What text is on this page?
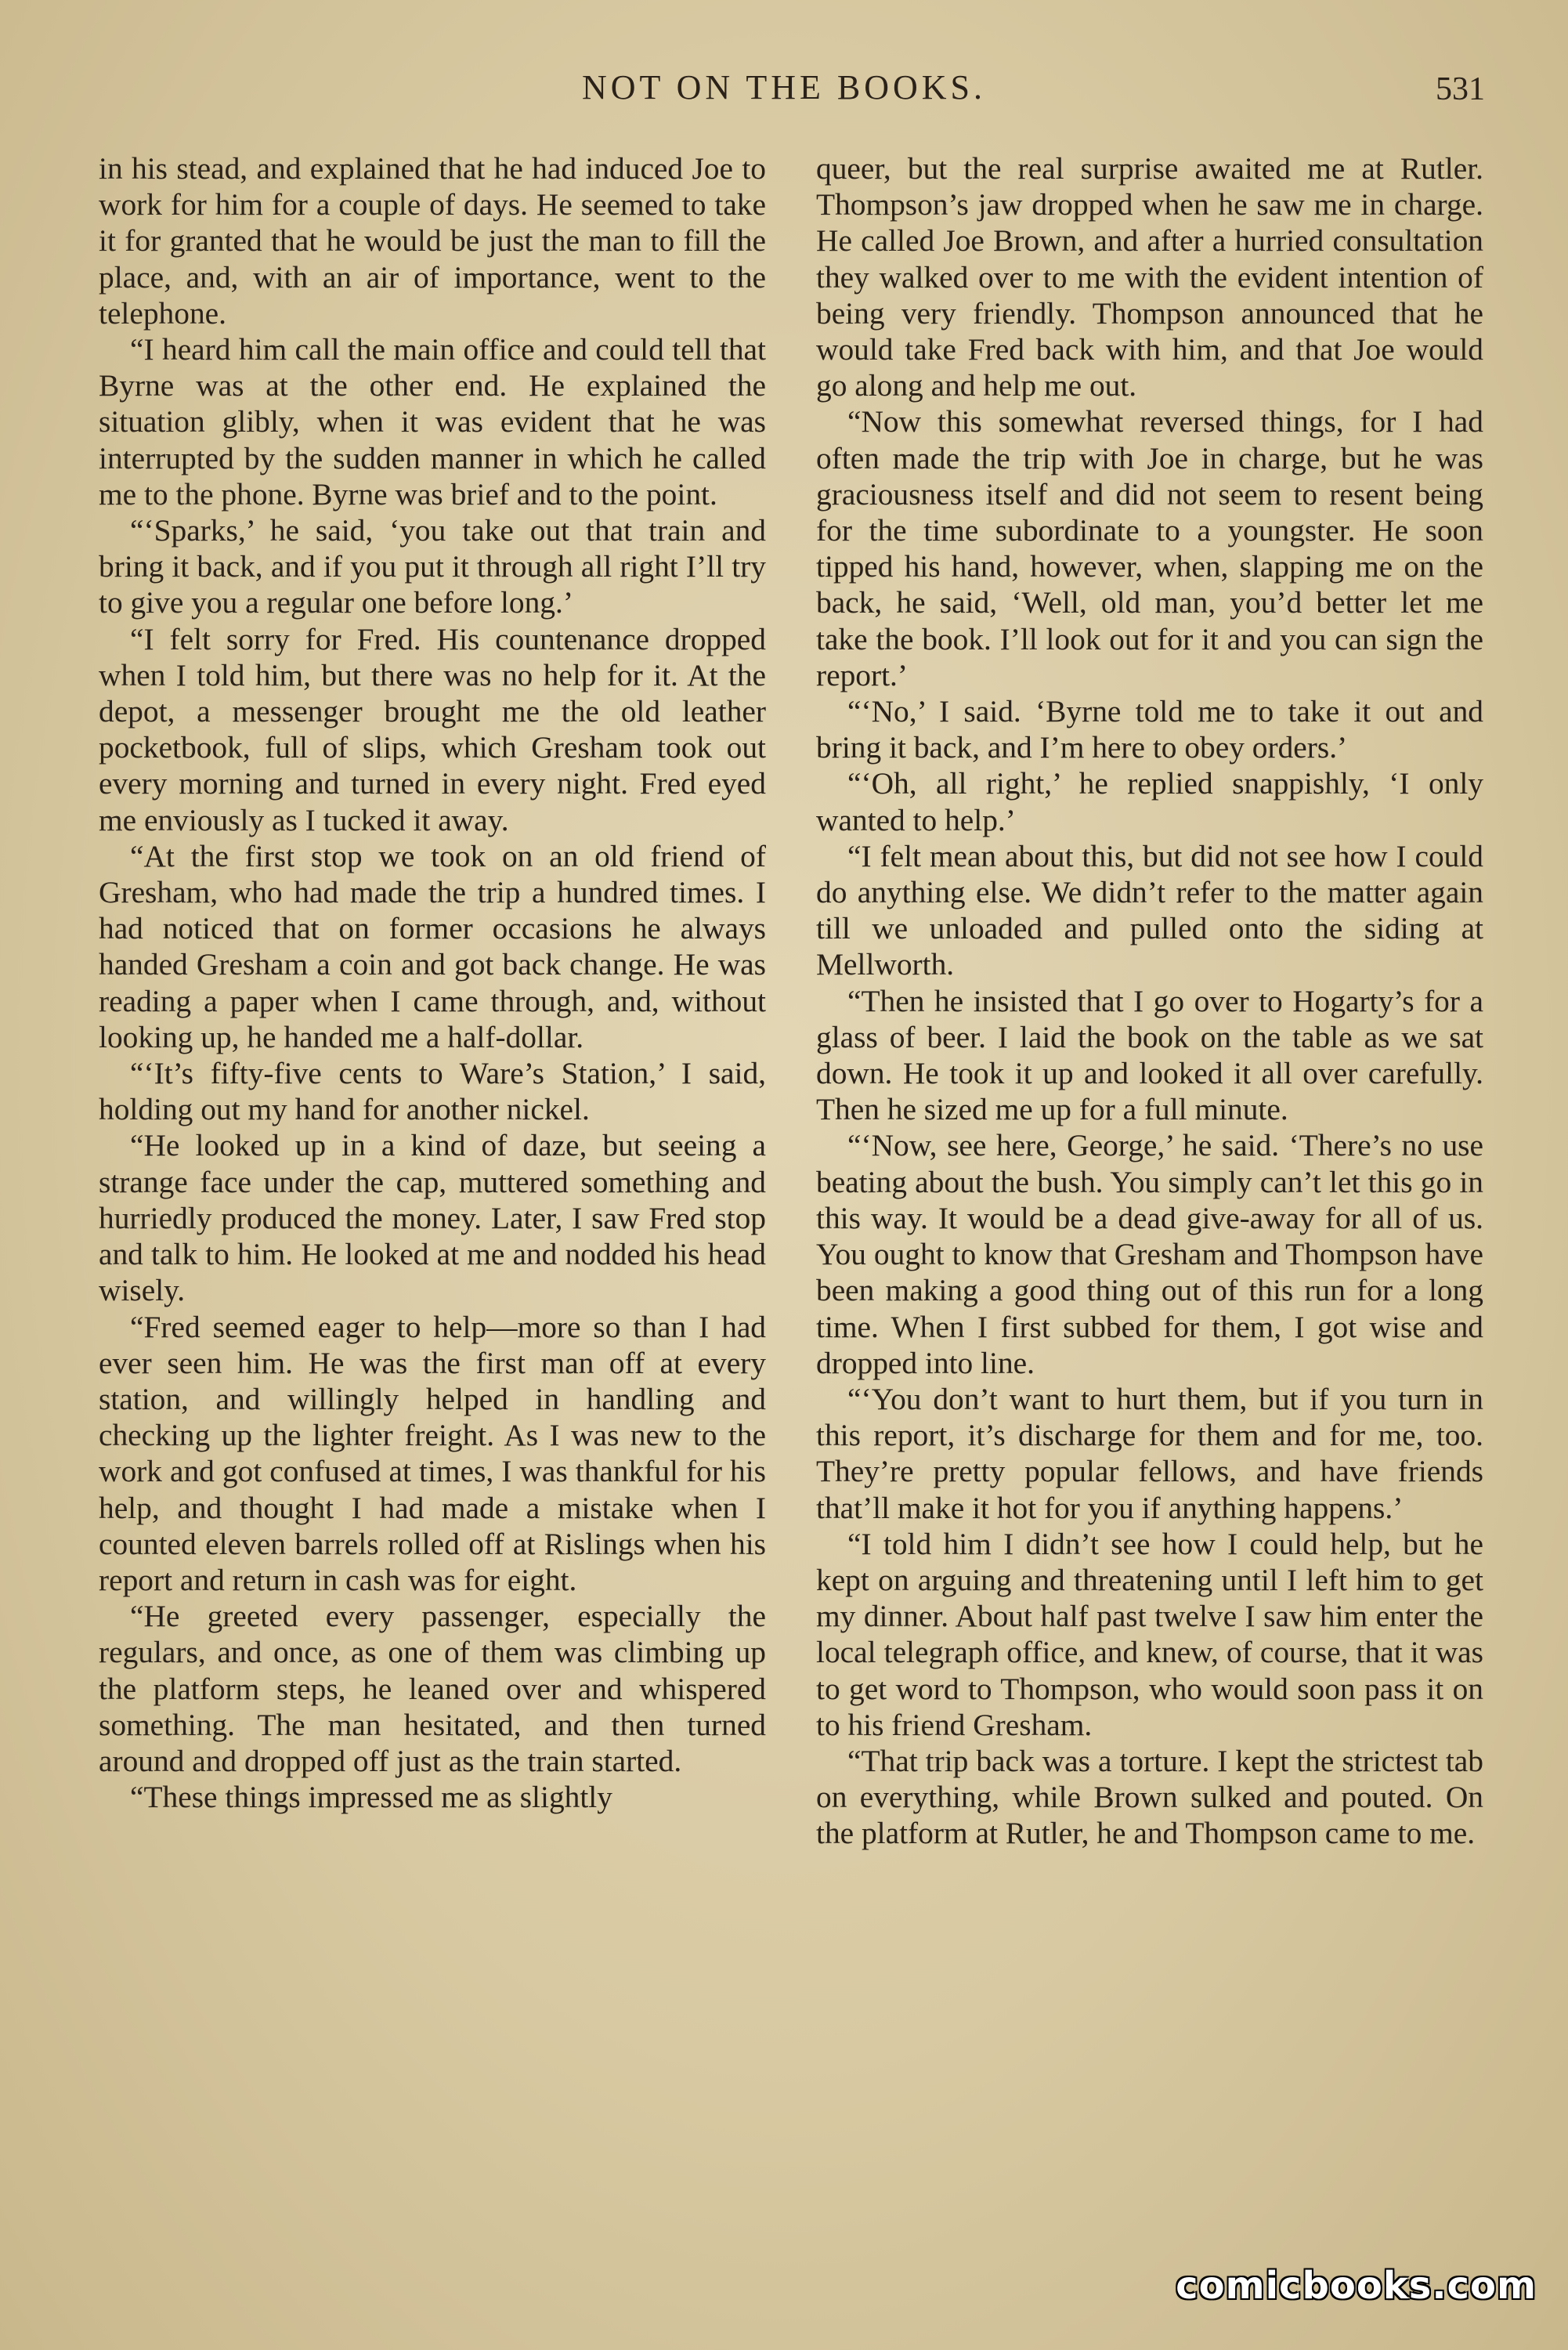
NOT ON THE BOOKS.	531

in his stead, and explained that he had induced Joe to work for him for a couple of days. He seemed to take it for granted that he would be just the man to fill the place, and, with an air of importance, went to the telephone.

“I heard him call the main office and could tell that Byrne was at the other end. He explained the situation glibly, when it was evident that he was interrupted by the sudden manner in which he called me to the phone. Byrne was brief and to the point.

“‘Sparks,’ he said, ‘you take out that train and bring it back, and if you put it through all right I’ll try to give you a regular one before long.’

“I felt sorry for Fred. His countenance dropped when I told him, but there was no help for it. At the depot, a messenger brought me the old leather pocketbook, full of slips, which Gresham took out every morning and turned in every night. Fred eyed me enviously as I tucked it away.

“At the first stop we took on an old friend of Gresham, who had made the trip a hundred times. I had noticed that on former occasions he always handed Gresham a coin and got back change. He was reading a paper when I came through, and, without looking up, he handed me a half-dollar.

“‘It’s fifty-five cents to Ware’s Station,’ I said, holding out my hand for another nickel.

“He looked up in a kind of daze, but seeing a strange face under the cap, muttered something and hurriedly produced the money. Later, I saw Fred stop and talk to him. He looked at me and nodded his head wisely.

“Fred seemed eager to help—more so than I had ever seen him. He was the first man off at every station, and willingly helped in handling and checking up the lighter freight. As I was new to the work and got confused at times, I was thankful for his help, and thought I had made a mistake when I counted eleven barrels rolled off at Rislings when his report and return in cash was for eight.

“He greeted every passenger, especially the regulars, and once, as one of them was climbing up the platform steps, he leaned over and whispered something. The man hesitated, and then turned around and dropped off just as the train started.

“These things impressed me as slightly

queer, but the real surprise awaited me at Rutler. Thompson’s jaw dropped when he saw me in charge. He called Joe Brown, and after a hurried consultation they walked over to me with the evident intention of being very friendly. Thompson announced that he would take Fred back with him, and that Joe would go along and help me out.

“Now this somewhat reversed things, for I had often made the trip with Joe in charge, but he was graciousness itself and did not seem to resent being for the time subordinate to a youngster. He soon tipped his hand, however, when, slapping me on the back, he said, ‘Well, old man, you’d better let me take the book. I’ll look out for it and you can sign the report.’

“‘No,’ I said. ‘Byrne told me to take it out and bring it back, and I’m here to obey orders.’

“‘Oh, all right,’ he replied snappishly, ‘I only wanted to help.’

“I felt mean about this, but did not see how I could do anything else. We didn’t refer to the matter again till we unloaded and pulled onto the siding at Mellworth.

“Then he insisted that I go over to Hogarty’s for a glass of beer. I laid the book on the table as we sat down. He took it up and looked it all over carefully. Then he sized me up for a full minute.

“‘Now, see here, George,’ he said. ‘There’s no use beating about the bush. You simply can’t let this go in this way. It would be a dead give-away for all of us. You ought to know that Gresham and Thompson have been making a good thing out of this run for a long time. When I first subbed for them, I got wise and dropped into line.

“‘You don’t want to hurt them, but if you turn in this report, it’s discharge for them and for me, too. They’re pretty popular fellows, and have friends that’ll make it hot for you if anything happens.’

“I told him I didn’t see how I could help, but he kept on arguing and threatening until I left him to get my dinner. About half past twelve I saw him enter the local telegraph office, and knew, of course, that it was to get word to Thompson, who would soon pass it on to his friend Gresham.

“That trip back was a torture. I kept the strictest tab on everything, while Brown sulked and pouted. On the platform at Rutler, he and Thompson came to me.

comicbooks.com
